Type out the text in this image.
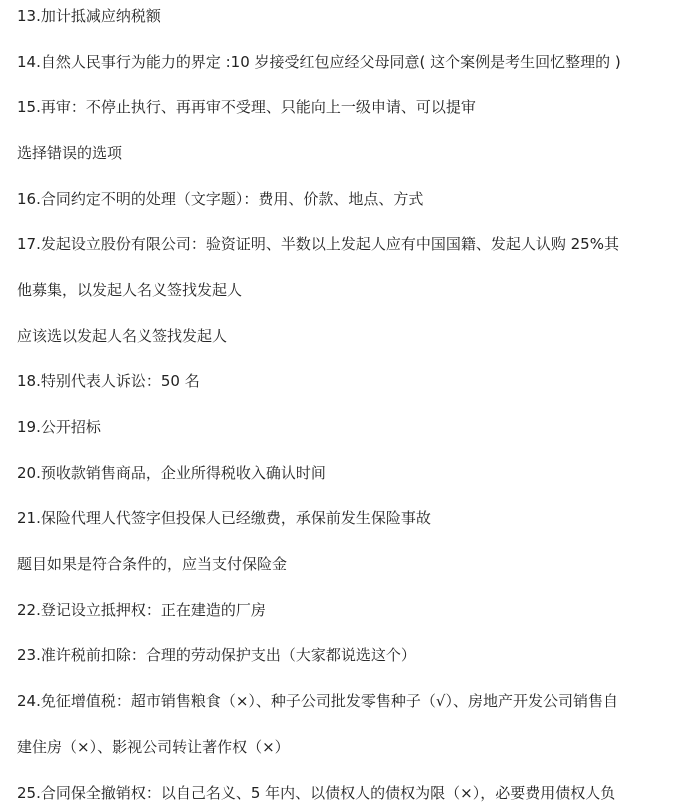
13.加计抵减应纳税额
14.自然人民事行为能力的界定 :10 岁接受红包应经父母同意( 这个案例是考生回忆整理的 )
15.再审：不停止执行、再再审不受理、只能向上一级申请、可以提审
选择错误的选项
16.合同约定不明的处理（文字题）：费用、价款、地点、方式
17.发起设立股份有限公司：验资证明、半数以上发起人应有中国国籍、发起人认购 25%其
他募集，以发起人名义签找发起人
应该选以发起人名义签找发起人
18.特别代表人诉讼：50 名
19.公开招标
20.预收款销售商品，企业所得税收入确认时间
21.保险代理人代签字但投保人已经缴费，承保前发生保险事故
题目如果是符合条件的，应当支付保险金
22.登记设立抵押权：正在建造的厂房
23.准许税前扣除：合理的劳动保护支出（大家都说选这个）
24.免征增值税：超市销售粮食（×）、种子公司批发零售种子（√）、房地产开发公司销售自
建住房（×）、影视公司转让著作权（×）
25.合同保全撤销权：以自己名义、5 年内、以债权人的债权为限（×），必要费用债权人负
